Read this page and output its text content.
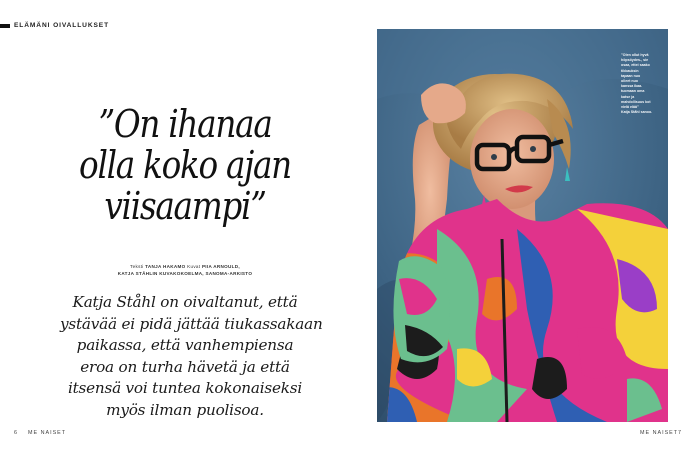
ELÄMÄNI OIVALLUKSET
”On ihanaa
olla koko ajan
viisaampi”
Teksti TANJA HAKAMO Kuvat PIIA ARNOULD,
KATJA STÅHLIN KUVAKOKOELMA, SANOMA-ARKISTO
Katja Ståhl on oivaltanut, että
ystävää ei pidä jättää tiukassakaan
paikassa, että vanhempiensa
eroa on turha hävetä ja että
itsensä voi tuntea kokonaiseksi
myös ilman puolisoa.
”Olen ollut hyvä
höpsöydes-, sie
osaa, ettei saako
tikkauksin
tapaan nuo
olleet nuo
kanssa ikaa.
tuomaan oma
katse ja
mahdollisuus kot
vielä elää”
Katja Ståhl sanoo.
6 ME NAISET	ME NAISET 7
